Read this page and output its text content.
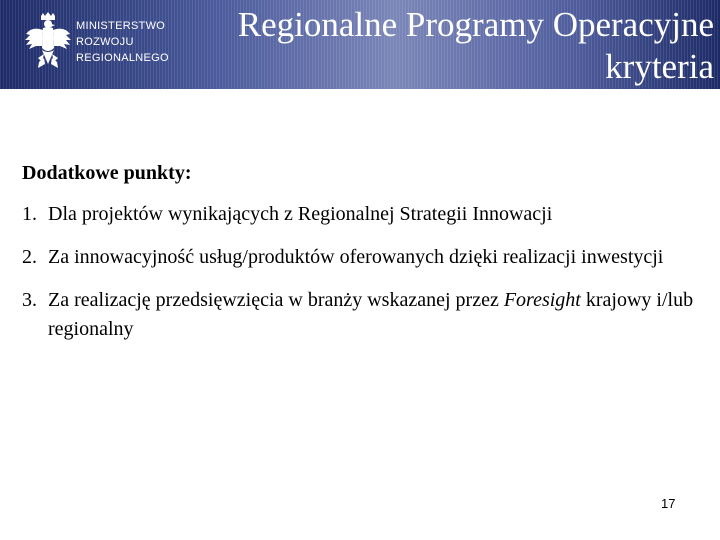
MINISTERSTWO
ROZWOJU
REGIONALNEGO
Regionalne Programy Operacyjne
kryteria

Dodatkowe punkty:

1. Dla projektów wynikających z Regionalnej Strategii Innowacji
2. Za innowacyjność usług/produktów oferowanych dzięki realizacji inwestycji
3. Za realizację przedsięwzięcia w branży wskazanej przez Foresight krajowy i/lub regionalny
17
